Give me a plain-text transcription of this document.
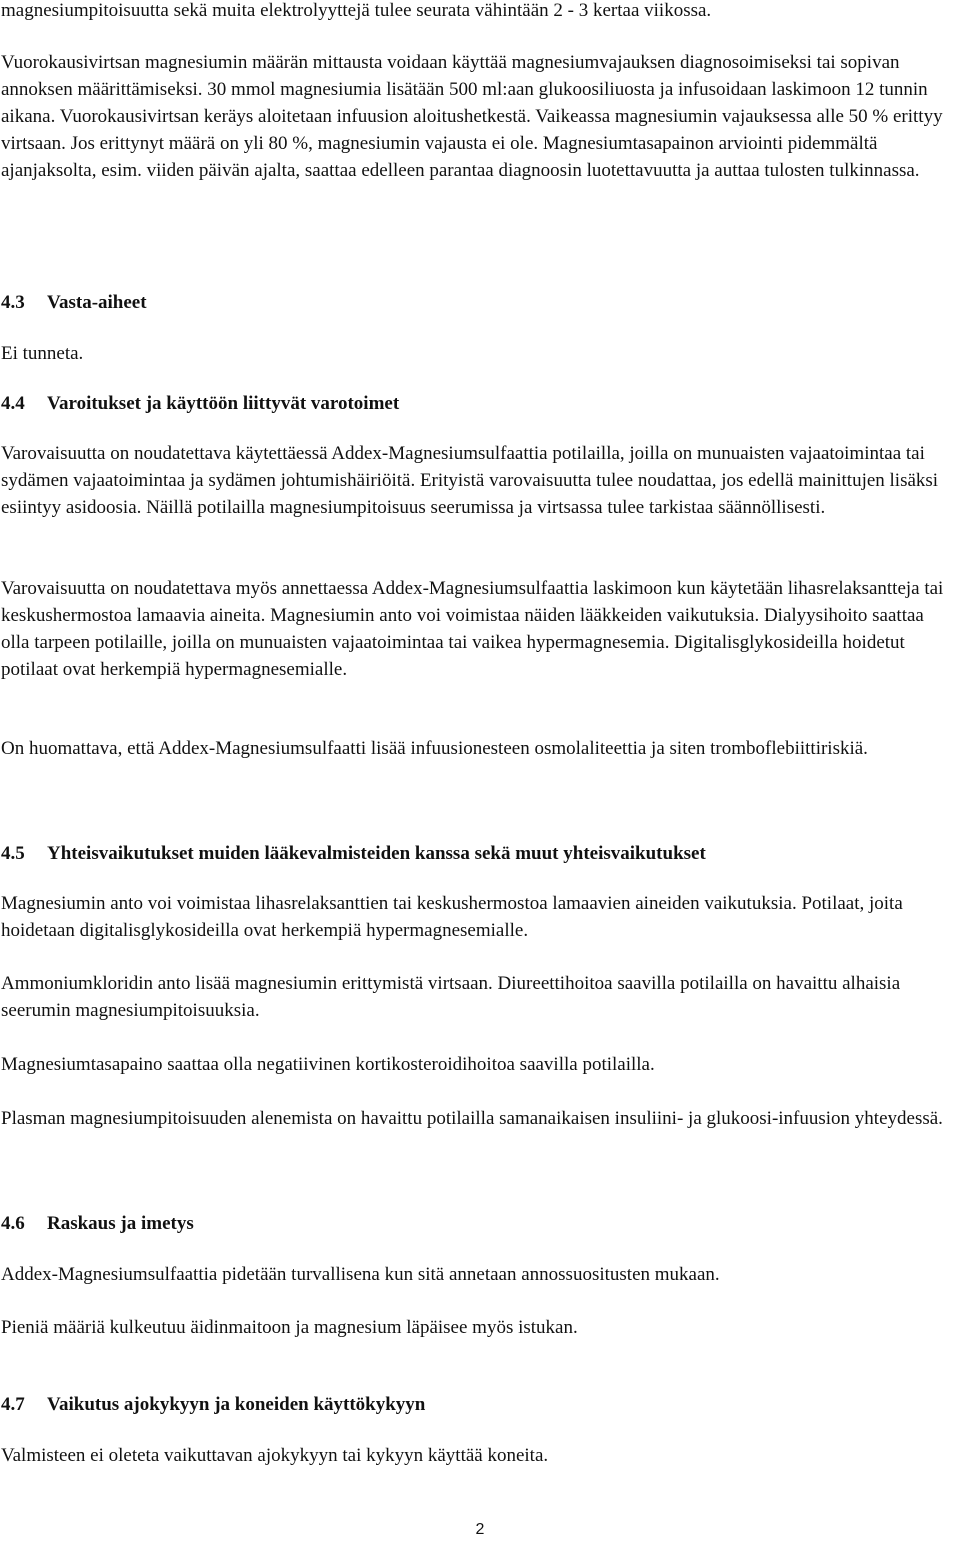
magnesiumpitoisuutta sekä muita elektrolyyttejä tulee seurata vähintään 2 - 3 kertaa viikossa.

Vuorokausivirtsan magnesiumin määrän mittausta voidaan käyttää magnesiumvajauksen diagnosoimiseksi tai sopivan annoksen määrittämiseksi. 30 mmol magnesiumia lisätään 500 ml:aan glukoosiliuosta ja infusoidaan laskimoon 12 tunnin aikana. Vuorokausivirtsan keräys aloitetaan infuusion aloitushetkestä. Vaikeassa magnesiumin vajauksessa alle 50 % erittyy virtsaan. Jos erittynyt määrä on yli 80 %, magnesiumin vajausta ei ole. Magnesiumtasapainon arviointi pidemmältä ajanjaksolta, esim. viiden päivän ajalta, saattaa edelleen parantaa diagnoosin luotettavuutta ja auttaa tulosten tulkinnassa.

4.3 Vasta-aiheet

Ei tunneta.

4.4 Varoitukset ja käyttöön liittyvät varotoimet

Varovaisuutta on noudatettava käytettäessä Addex-Magnesiumsulfaattia potilailla, joilla on munuaisten vajaatoimintaa tai sydämen vajaatoimintaa ja sydämen johtumishäiriöitä. Erityistä varovaisuutta tulee noudattaa, jos edellä mainittujen lisäksi esiintyy asidoosia. Näillä potilailla magnesiumpitoisuus seerumissa ja virtsassa tulee tarkistaa säännöllisesti.

Varovaisuutta on noudatettava myös annettaessa Addex-Magnesiumsulfaattia laskimoon kun käytetään lihasrelaksantteja tai keskushermostoa lamaavia aineita. Magnesiumin anto voi voimistaa näiden lääkkeiden vaikutuksia. Dialyysihoito saattaa olla tarpeen potilaille, joilla on munuaisten vajaatoimintaa tai vaikea hypermagnesemia. Digitalisglykosideilla hoidetut potilaat ovat herkempiä hypermagnesemialle.

On huomattava, että Addex-Magnesiumsulfaatti lisää infuusionesteen osmolaliteettia ja siten tromboflebiittiriskiä.

4.5 Yhteisvaikutukset muiden lääkevalmisteiden kanssa sekä muut yhteisvaikutukset

Magnesiumin anto voi voimistaa lihasrelaksanttien tai keskushermostoa lamaavien aineiden vaikutuksia. Potilaat, joita hoidetaan digitalisglykosideilla ovat herkempiä hypermagnesemialle.

Ammoniumkloridin anto lisää magnesiumin erittymistä virtsaan. Diureettihoitoa saavilla potilailla on havaittu alhaisia seerumin magnesiumpitoisuuksia.

Magnesiumtasapaino saattaa olla negatiivinen kortikosteroidihoitoa saavilla potilailla.

Plasman magnesiumpitoisuuden alenemista on havaittu potilailla samanaikaisen insuliini- ja glukoosi-infuusion yhteydessä.

4.6 Raskaus ja imetys

Addex-Magnesiumsulfaattia pidetään turvallisena kun sitä annetaan annossuositusten mukaan.

Pieniä määriä kulkeutuu äidinmaitoon ja magnesium läpäisee myös istukan.

4.7 Vaikutus ajokykyyn ja koneiden käyttökykyyn

Valmisteen ei oleteta vaikuttavan ajokykyyn tai kykyyn käyttää koneita.

2
